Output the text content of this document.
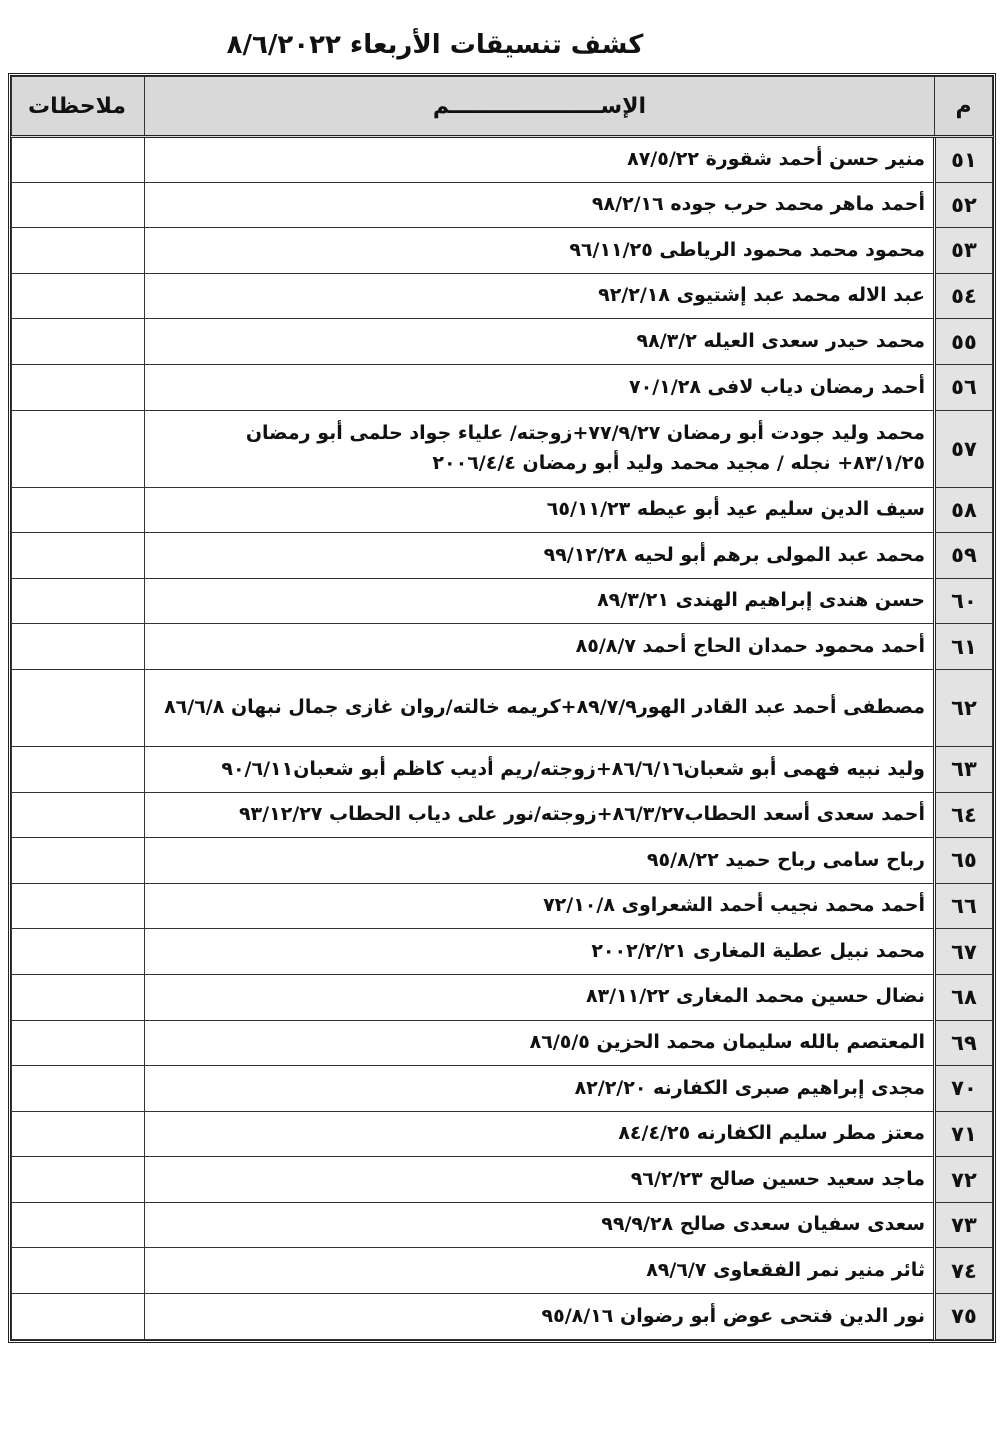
كشف تنسيقات الأربعاء ٨/٦/٢٠٢٢
م	الإســــــــــــــــــــم	ملاحظات
٥١	منير حسن أحمد شقورة ٨٧/٥/٢٢	
٥٢	أحمد ماهر محمد حرب جوده ٩٨/٢/١٦	
٥٣	محمود محمد محمود الرياطى ٩٦/١١/٢٥	
٥٤	عبد الاله محمد عبد إشتيوى ٩٢/٢/١٨	
٥٥	محمد حيدر سعدى العيله ٩٨/٣/٢	
٥٦	أحمد رمضان دياب لافى ٧٠/١/٢٨	
٥٧	محمد وليد جودت أبو رمضان ٧٧/٩/٢٧+زوجته/ علياء جواد حلمى أبو رمضان ٨٣/١/٢٥+ نجله / مجيد محمد وليد أبو رمضان ٢٠٠٦/٤/٤	
٥٨	سيف الدين سليم عيد أبو عيطه ٦٥/١١/٢٣	
٥٩	محمد عبد المولى برهم أبو لحيه ٩٩/١٢/٢٨	
٦٠	حسن هندى إبراهيم الهندى ٨٩/٣/٢١	
٦١	أحمد محمود حمدان الحاج أحمد ٨٥/٨/٧	
٦٢	مصطفى أحمد عبد القادر الهور٨٩/٧/٩+كريمه خالته/روان غازى جمال نبهان ٨٦/٦/٨	
٦٣	وليد نبيه فهمى أبو شعبان٨٦/٦/١٦+زوجته/ريم أديب كاظم أبو شعبان٩٠/٦/١١	
٦٤	أحمد سعدى أسعد الحطاب٨٦/٣/٢٧+زوجته/نور على دياب الحطاب ٩٣/١٢/٢٧	
٦٥	رباح سامى رباح حميد ٩٥/٨/٢٢	
٦٦	أحمد محمد نجيب أحمد الشعراوى ٧٢/١٠/٨	
٦٧	محمد نبيل عطية المغارى ٢٠٠٢/٢/٢١	
٦٨	نضال حسين محمد المغارى ٨٣/١١/٢٢	
٦٩	المعتصم بالله سليمان محمد الحزين ٨٦/٥/٥	
٧٠	مجدى إبراهيم صبرى الكفارنه ٨٢/٢/٢٠	
٧١	معتز مطر سليم الكفارنه ٨٤/٤/٢٥	
٧٢	ماجد سعيد حسين صالح ٩٦/٢/٢٣	
٧٣	سعدى سفيان سعدى صالح ٩٩/٩/٢٨	
٧٤	ثائر منير نمر الفقعاوى ٨٩/٦/٧	
٧٥	نور الدين فتحى عوض أبو رضوان ٩٥/٨/١٦	
